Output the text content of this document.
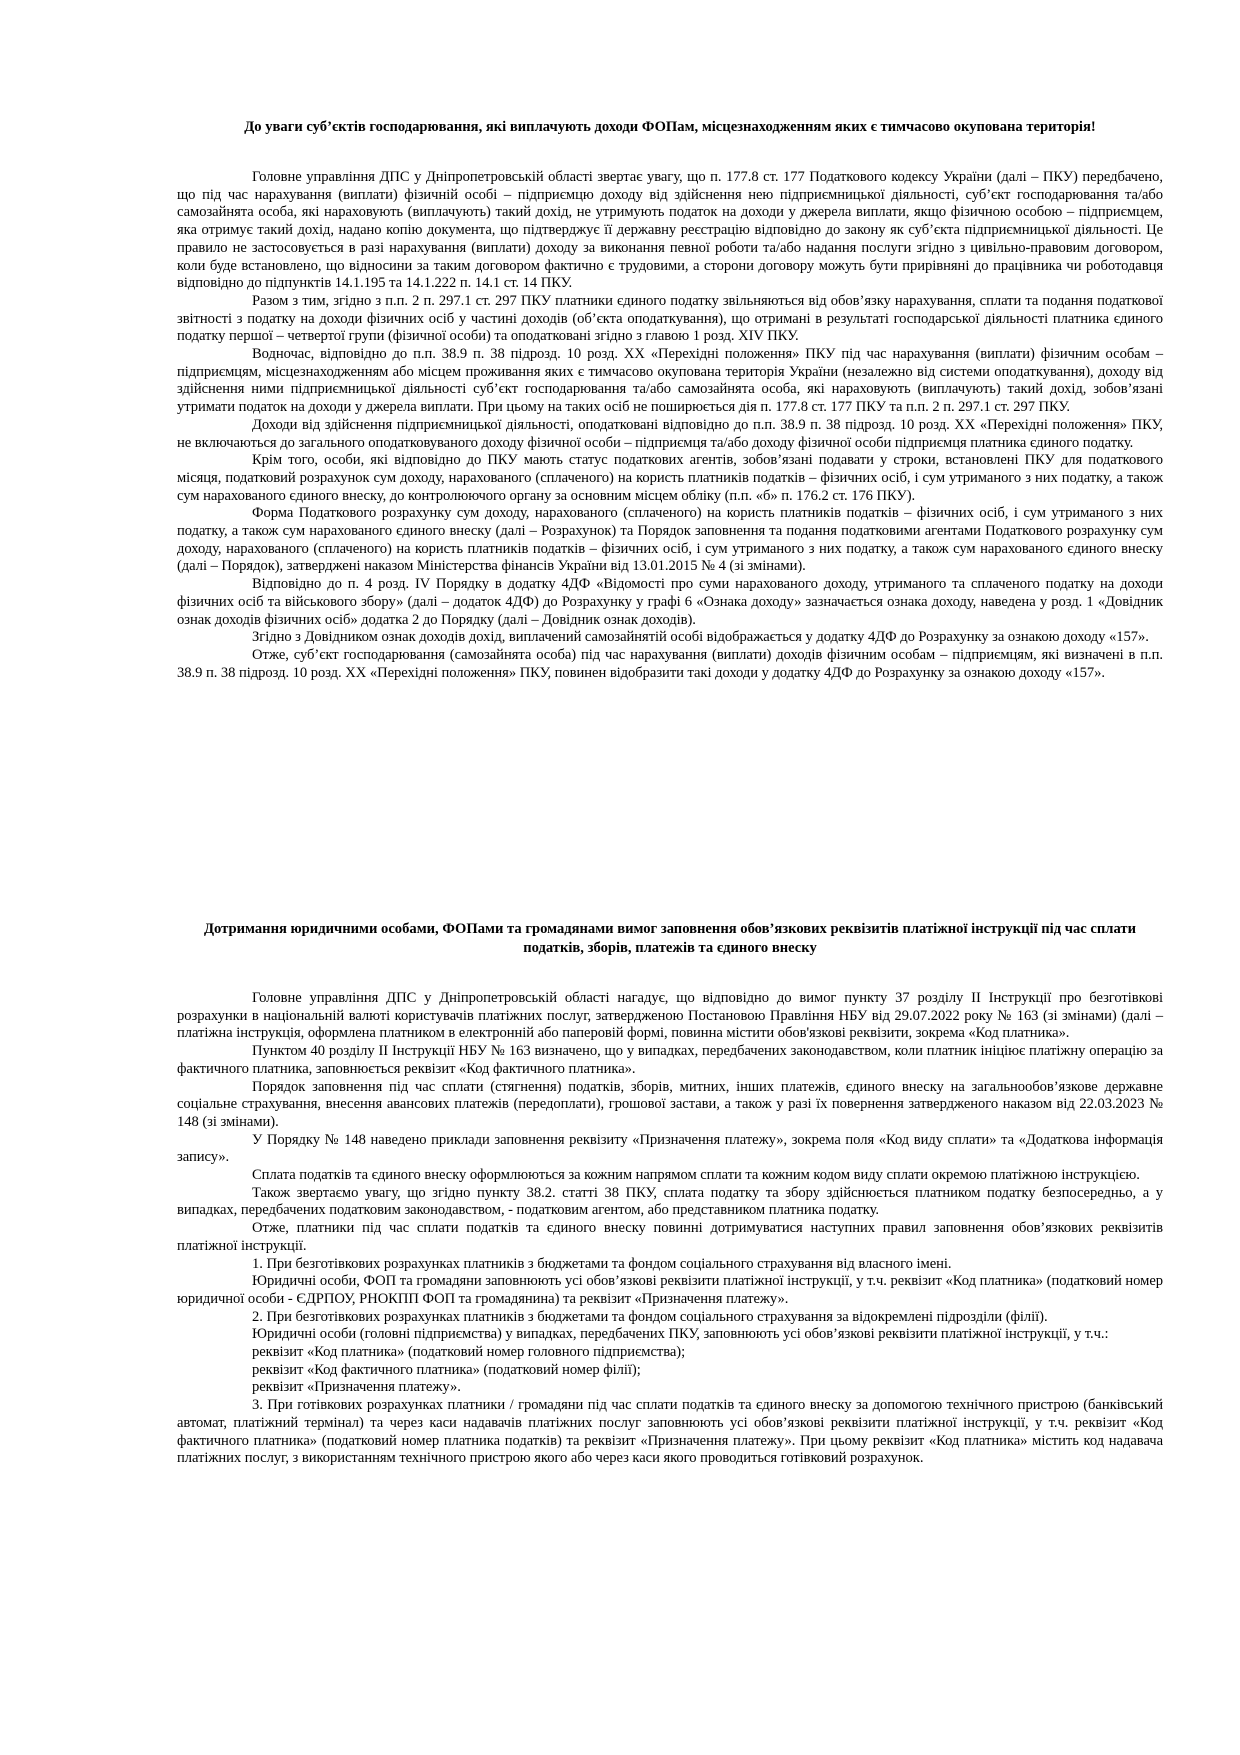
До уваги суб’єктів господарювання, які виплачують доходи ФОПам, місцезнаходженням яких є тимчасово окупована територія!

Головне управління ДПС у Дніпропетровській області звертає увагу, що п. 177.8 ст. 177 Податкового кодексу України (далі – ПКУ) передбачено, що під час нарахування (виплати) фізичній особі – підприємцю доходу від здійснення нею підприємницької діяльності, суб’єкт господарювання та/або самозайнята особа, які нараховують (виплачують) такий дохід, не утримують податок на доходи у джерела виплати, якщо фізичною особою – підприємцем, яка отримує такий дохід, надано копію документа, що підтверджує її державну реєстрацію відповідно до закону як суб’єкта підприємницької діяльності. Це правило не застосовується в разі нарахування (виплати) доходу за виконання певної роботи та/або надання послуги згідно з цивільно-правовим договором, коли буде встановлено, що відносини за таким договором фактично є трудовими, а сторони договору можуть бути прирівняні до працівника чи роботодавця відповідно до підпунктів 14.1.195 та 14.1.222 п. 14.1 ст. 14 ПКУ.

Разом з тим, згідно з п.п. 2 п. 297.1 ст. 297 ПКУ платники єдиного податку звільняються від обов’язку нарахування, сплати та подання податкової звітності з податку на доходи фізичних осіб у частині доходів (об’єкта оподаткування), що отримані в результаті господарської діяльності платника єдиного податку першої – четвертої групи (фізичної особи) та оподатковані згідно з главою 1 розд. XIV ПКУ.

Водночас, відповідно до п.п. 38.9 п. 38 підрозд. 10 розд. XX «Перехідні положення» ПКУ під час нарахування (виплати) фізичним особам – підприємцям, місцезнаходженням або місцем проживання яких є тимчасово окупована територія України (незалежно від системи оподаткування), доходу від здійснення ними підприємницької діяльності суб’єкт господарювання та/або самозайнята особа, які нараховують (виплачують) такий дохід, зобов’язані утримати податок на доходи у джерела виплати. При цьому на таких осіб не поширюється дія п. 177.8 ст. 177 ПКУ та п.п. 2 п. 297.1 ст. 297 ПКУ.

Доходи від здійснення підприємницької діяльності, оподатковані відповідно до п.п. 38.9 п. 38 підрозд. 10 розд. XX «Перехідні положення» ПКУ, не включаються до загального оподатковуваного доходу фізичної особи – підприємця та/або доходу фізичної особи підприємця платника єдиного податку.

Крім того, особи, які відповідно до ПКУ мають статус податкових агентів, зобов’язані подавати у строки, встановлені ПКУ для податкового місяця, податковий розрахунок сум доходу, нарахованого (сплаченого) на користь платників податків – фізичних осіб, і сум утриманого з них податку, а також сум нарахованого єдиного внеску, до контролюючого органу за основним місцем обліку (п.п. «б» п. 176.2 ст. 176 ПКУ).

Форма Податкового розрахунку сум доходу, нарахованого (сплаченого) на користь платників податків – фізичних осіб, і сум утриманого з них податку, а також сум нарахованого єдиного внеску (далі – Розрахунок) та Порядок заповнення та подання податковими агентами Податкового розрахунку сум доходу, нарахованого (сплаченого) на користь платників податків – фізичних осіб, і сум утриманого з них податку, а також сум нарахованого єдиного внеску (далі – Порядок), затверджені наказом Міністерства фінансів України від 13.01.2015 № 4 (зі змінами).

Відповідно до п. 4 розд. IV Порядку в додатку 4ДФ «Відомості про суми нарахованого доходу, утриманого та сплаченого податку на доходи фізичних осіб та військового збору» (далі – додаток 4ДФ) до Розрахунку у графі 6 «Ознака доходу» зазначається ознака доходу, наведена у розд. 1 «Довідник ознак доходів фізичних осіб» додатка 2 до Порядку (далі – Довідник ознак доходів).

Згідно з Довідником ознак доходів дохід, виплачений самозайнятій особі відображається у додатку 4ДФ до Розрахунку за ознакою доходу «157».

Отже, суб’єкт господарювання (самозайнята особа) під час нарахування (виплати) доходів фізичним особам – підприємцям, які визначені в п.п. 38.9 п. 38 підрозд. 10 розд. XX «Перехідні положення» ПКУ, повинен відобразити такі доходи у додатку 4ДФ до Розрахунку за ознакою доходу «157».

Дотримання юридичними особами, ФОПами та громадянами вимог заповнення обов’язкових реквізитів платіжної інструкції під час сплати податків, зборів, платежів та єдиного внеску

Головне управління ДПС у Дніпропетровській області нагадує, що відповідно до вимог пункту 37 розділу II Інструкції про безготівкові розрахунки в національній валюті користувачів платіжних послуг, затвердженою Постановою Правління НБУ від 29.07.2022 року № 163 (зі змінами) (далі – платіжна інструкція, оформлена платником в електронній або паперовій формі, повинна містити обов'язкові реквізити, зокрема «Код платника».

Пунктом 40 розділу II Інструкції НБУ № 163 визначено, що у випадках, передбачених законодавством, коли платник ініціює платіжну операцію за фактичного платника, заповнюється реквізит «Код фактичного платника».

Порядок заповнення під час сплати (стягнення) податків, зборів, митних, інших платежів, єдиного внеску на загальнообов’язкове державне соціальне страхування, внесення авансових платежів (передоплати), грошової застави, а також у разі їх повернення затвердженого наказом від 22.03.2023 № 148 (зі змінами).

У Порядку № 148 наведено приклади заповнення реквізиту «Призначення платежу», зокрема поля «Код виду сплати» та «Додаткова інформація запису».

Сплата податків та єдиного внеску оформлюються за кожним напрямом сплати та кожним кодом виду сплати окремою платіжною інструкцією.

Також звертаємо увагу, що згідно пункту 38.2. статті 38 ПКУ, сплата податку та збору здійснюється платником податку безпосередньо, а у випадках, передбачених податковим законодавством, - податковим агентом, або представником платника податку.

Отже, платники під час сплати податків та єдиного внеску повинні дотримуватися наступних правил заповнення обов’язкових реквізитів платіжної інструкції.

1. При безготівкових розрахунках платників з бюджетами та фондом соціального страхування від власного імені.

Юридичні особи, ФОП та громадяни заповнюють усі обов’язкові реквізити платіжної інструкції, у т.ч. реквізит «Код платника» (податковий номер юридичної особи - ЄДРПОУ, РНОКПП ФОП та громадянина) та реквізит «Призначення платежу».

2. При безготівкових розрахунках платників з бюджетами та фондом соціального страхування за відокремлені підрозділи (філії).

Юридичні особи (головні підприємства) у випадках, передбачених ПКУ, заповнюють усі обов’язкові реквізити платіжної інструкції, у т.ч.:

реквізит «Код платника» (податковий номер головного підприємства);

реквізит «Код фактичного платника» (податковий номер філії);

реквізит «Призначення платежу».

3. При готівкових розрахунках платники / громадяни під час сплати податків та єдиного внеску за допомогою технічного пристрою (банківський автомат, платіжний термінал) та через каси надавачів платіжних послуг заповнюють усі обов’язкові реквізити платіжної інструкції, у т.ч. реквізит «Код фактичного платника» (податковий номер платника податків) та реквізит «Призначення платежу». При цьому реквізит «Код платника» містить код надавача платіжних послуг, з використанням технічного пристрою якого або через каси якого проводиться готівковий розрахунок.
